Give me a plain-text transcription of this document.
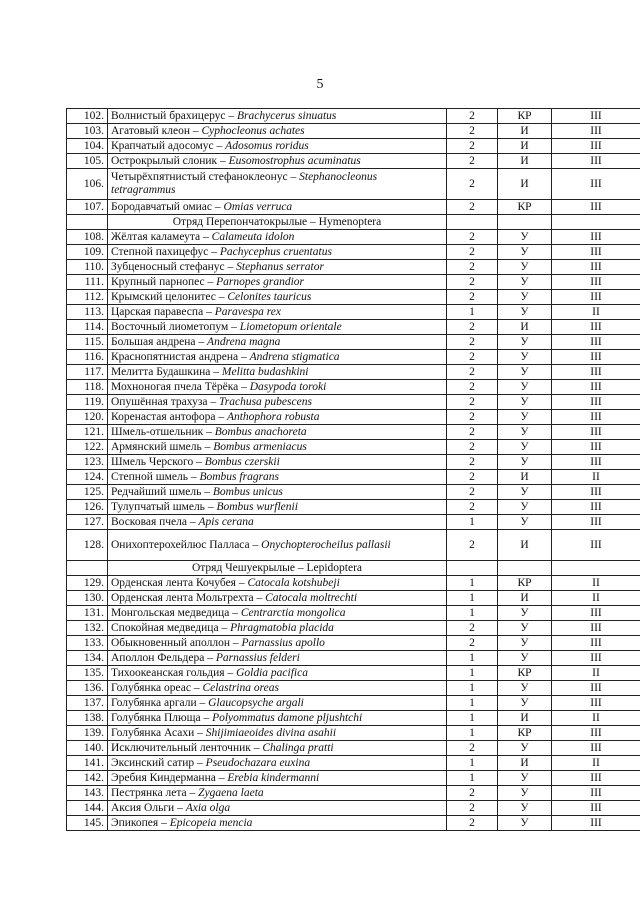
5
102.	Волнистый брахицерус – Brachycerus sinuatus	2	КР	III
103.	Агатовый клеон – Cyphocleonus achates	2	И	III
104.	Крапчатый адосомус – Adosomus roridus	2	И	III
105.	Острокрылый слоник – Eusomostrophus acuminatus	2	И	III
106.	Четырёхпятнистый стефаноклеонус – Stephanocleonus tetragrammus	2	И	III
107.	Бородавчатый омиас – Omias verruca	2	КР	III
	Отряд Перепончатокрылые – Hymenoptera			
108.	Жёлтая каламеута – Calameuta idolon	2	У	III
109.	Степной пахицефус – Pachycephus cruentatus	2	У	III
110.	Зубценосный стефанус – Stephanus serrator	2	У	III
111.	Крупный парнопес – Parnopes grandior	2	У	III
112.	Крымский целонитес – Celonites tauricus	2	У	III
113.	Царская паравеспа – Paravespa rex	1	У	II
114.	Восточный лиометопум – Liometopum orientale	2	И	III
115.	Большая андрена – Andrena magna	2	У	III
116.	Краснопятнистая андрена – Andrena stigmatica	2	У	III
117.	Мелитта Будашкина – Melitta budashkini	2	У	III
118.	Мохноногая пчела Тёрёка – Dasypoda toroki	2	У	III
119.	Опушённая трахуза – Trachusa pubescens	2	У	III
120.	Коренастая антофора – Anthophora robusta	2	У	III
121.	Шмель-отшельник – Bombus anachoreta	2	У	III
122.	Армянский шмель – Bombus armeniacus	2	У	III
123.	Шмель Черского – Bombus czerskii	2	У	III
124.	Степной шмель – Bombus fragrans	2	И	II
125.	Редчайший шмель – Bombus unicus	2	У	III
126.	Тулупчатый шмель – Bombus wurflenii	2	У	III
127.	Восковая пчела – Apis cerana	1	У	III
128.	Онихоптерохейлюс Палласа – Onychopterocheilus pallasii	2	И	III
	Отряд Чешуекрылые – Lepidoptera			
129.	Орденская лента Кочубея – Catocala kotshubeji	1	КР	II
130.	Орденская лента Мольтрехта – Catocala moltrechti	1	И	II
131.	Монгольская медведица – Centrarctia mongolica	1	У	III
132.	Спокойная медведица – Phragmatobia placida	2	У	III
133.	Обыкновенный аполлон – Parnassius apollo	2	У	III
134.	Аполлон Фельдера – Parnassius felderi	1	У	III
135.	Тихоокеанская гольдия – Goldia pacifica	1	КР	II
136.	Голубянка ореас – Celastrina oreas	1	У	III
137.	Голубянка аргали – Glaucopsyche argali	1	У	III
138.	Голубянка Плюща – Polyommatus damone pljushtchi	1	И	II
139.	Голубянка Асахи – Shijimiaeoides divina asahii	1	КР	III
140.	Исключительный ленточник – Chalinga pratti	2	У	III
141.	Эксинский сатир – Pseudochazara euxina	1	И	II
142.	Эребия Киндерманна – Erebia kindermanni	1	У	III
143.	Пестрянка лета – Zygaena laeta	2	У	III
144.	Аксия Ольги – Axia olga	2	У	III
145.	Эпикопея – Epicopeia mencia	2	У	III
